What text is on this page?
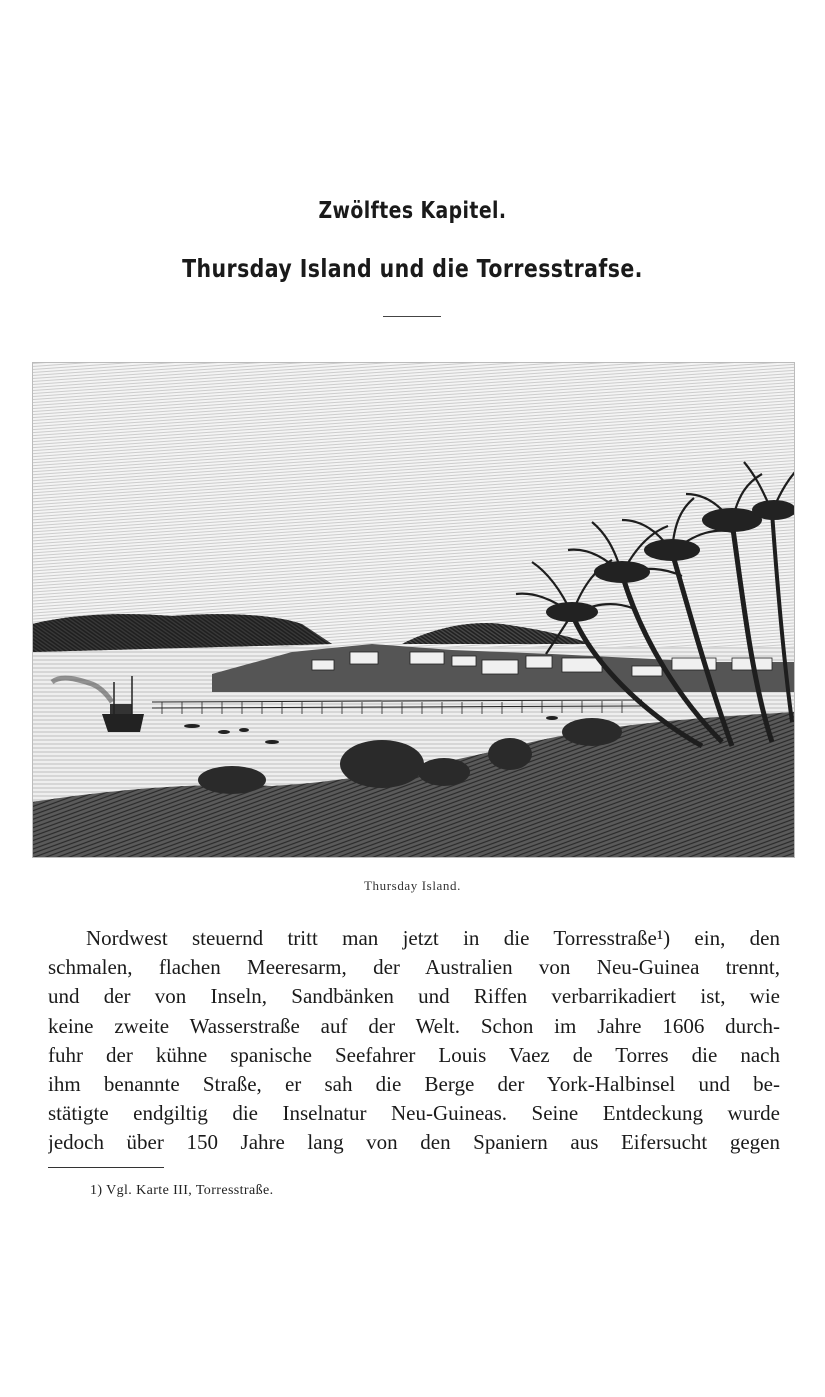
Zwölftes Kapitel.
Thursday Island und die Torresstrafse.
Thursday Island.
Nordwest steuernd tritt man jetzt in die Torresstraße¹) ein, den
schmalen, flachen Meeresarm, der Australien von Neu-Guinea trennt,
und der von Inseln, Sandbänken und Riffen verbarrikadiert ist, wie
keine zweite Wasserstraße auf der Welt. Schon im Jahre 1606 durch-
fuhr der kühne spanische Seefahrer Louis Vaez de Torres die nach
ihm benannte Straße, er sah die Berge der York-Halbinsel und be-
stätigte endgiltig die Inselnatur Neu-Guineas. Seine Entdeckung wurde
jedoch über 150 Jahre lang von den Spaniern aus Eifersucht gegen
1) Vgl. Karte III, Torresstraße.
